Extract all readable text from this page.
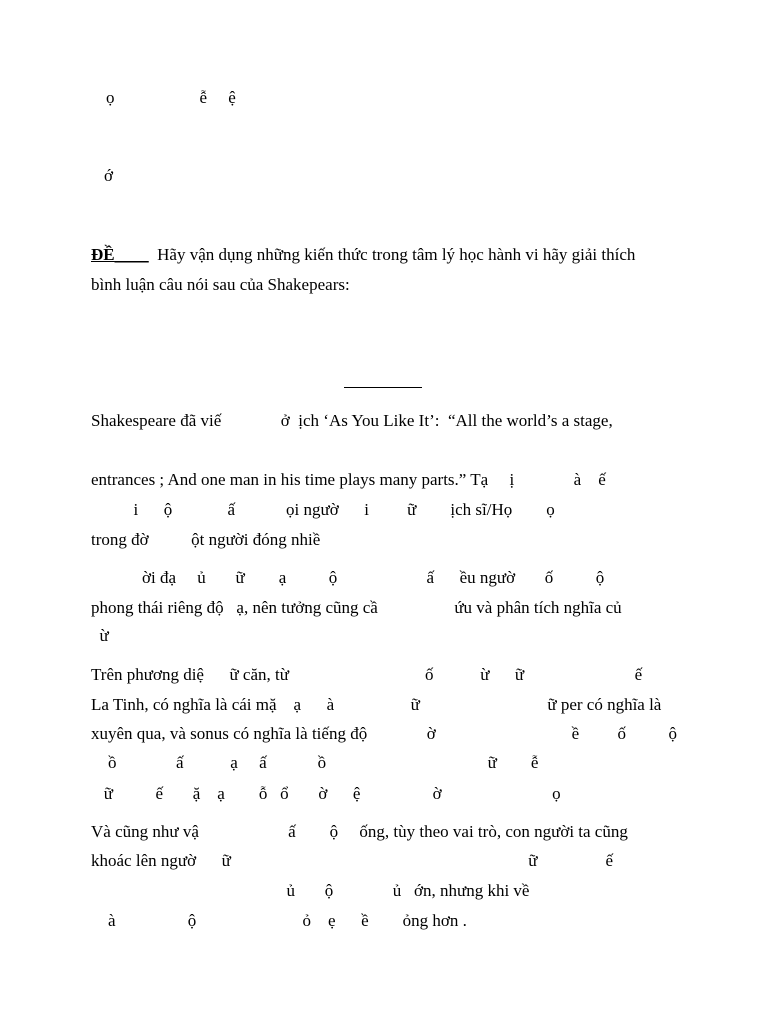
ọ                    ễ     ệ
ớ
ĐỀ____  Hãy vận dụng những kiến thức trong tâm lý học hành vi hãy giải thích
bình luận câu nói sau của Shakepears:
Shakespeare đã viế              ở  ịch ‘As You Like It’:  “All the world’s a stage,
entrances ; And one man in his time plays many parts.” Tạ     ị              à    ế
i      ộ             ấ            ọi ngườ      i         ữ        ịch sĩ/Họ        ọ
trong đờ          ột người đóng nhiề
ời đạ     ủ       ữ        ạ          ộ                     ấ      ều ngườ       ố          ộ
phong thái riêng độ   ạ, nên tưởng cũng cầ                  ứu và phân tích nghĩa củ
ừ
Trên phương diệ      ữ căn, từ                                ố           ừ      ữ                          ế
La Tinh, có nghĩa là cái mặ    ạ      à                  ữ                              ữ per có nghĩa là
xuyên qua, và sonus có nghĩa là tiếng độ              ờ                                ề         ố          ộ
ồ              ấ           ạ     ấ            ồ                                      ữ        ễ
ữ          ế       ặ    ạ        ỗ   ổ       ờ      ệ                 ờ                          ọ
Và cũng như vậ                     ấ        ộ     ống, tùy theo vai trò, con người ta cũng
khoác lên ngườ      ữ                                                                      ữ                ế
ủ       ộ              ủ   ớn, nhưng khi về
à                 ộ                         ỏ    ẹ      ề        ỏng hơn .
